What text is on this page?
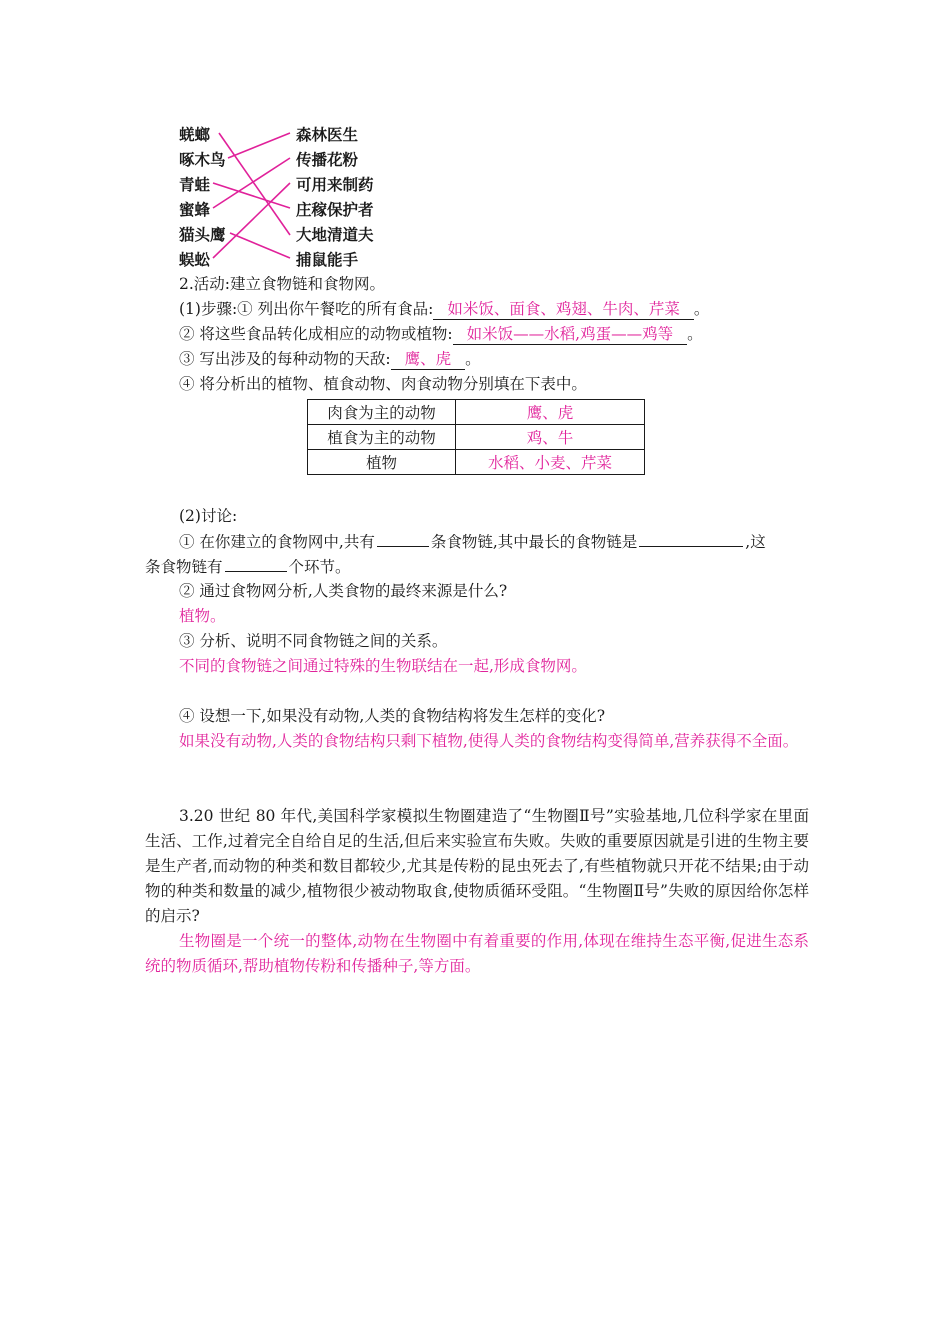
蜣螂
啄木鸟
青蛙
蜜蜂
猫头鹰
蜈蚣
森林医生
传播花粉
可用来制药
庄稼保护者
大地清道夫
捕鼠能手
2.活动:建立食物链和食物网。
(1)步骤:① 列出你午餐吃的所有食品: 如米饭、面食、鸡翅、牛肉、芹菜 。
② 将这些食品转化成相应的动物或植物: 如米饭——水稻,鸡蛋——鸡等 。
③ 写出涉及的每种动物的天敌: 鹰、虎 。
④ 将分析出的植物、植食动物、肉食动物分别填在下表中。
肉食为主的动物	鹰、虎
植食为主的动物	鸡、牛
植物	水稻、小麦、芹菜
(2)讨论:
① 在你建立的食物网中,共有	条食物链,其中最长的食物链是	,这
条食物链有	个环节。
② 通过食物网分析,人类食物的最终来源是什么?
植物。
③ 分析、说明不同食物链之间的关系。
不同的食物链之间通过特殊的生物联结在一起,形成食物网。
④ 设想一下,如果没有动物,人类的食物结构将发生怎样的变化?
如果没有动物,人类的食物结构只剩下植物,使得人类的食物结构变得简单,营养获得不全面。
3.20 世纪 80 年代,美国科学家模拟生物圈建造了“生物圈Ⅱ号”实验基地,几位科学家在里面生活、工作,过着完全自给自足的生活,但后来实验宣布失败。失败的重要原因就是引进的生物主要是生产者,而动物的种类和数目都较少,尤其是传粉的昆虫死去了,有些植物就只开花不结果;由于动物的种类和数量的减少,植物很少被动物取食,使物质循环受阻。“生物圈Ⅱ号”失败的原因给你怎样的启示?
生物圈是一个统一的整体,动物在生物圈中有着重要的作用,体现在维持生态平衡,促进生态系统的物质循环,帮助植物传粉和传播种子,等方面。
